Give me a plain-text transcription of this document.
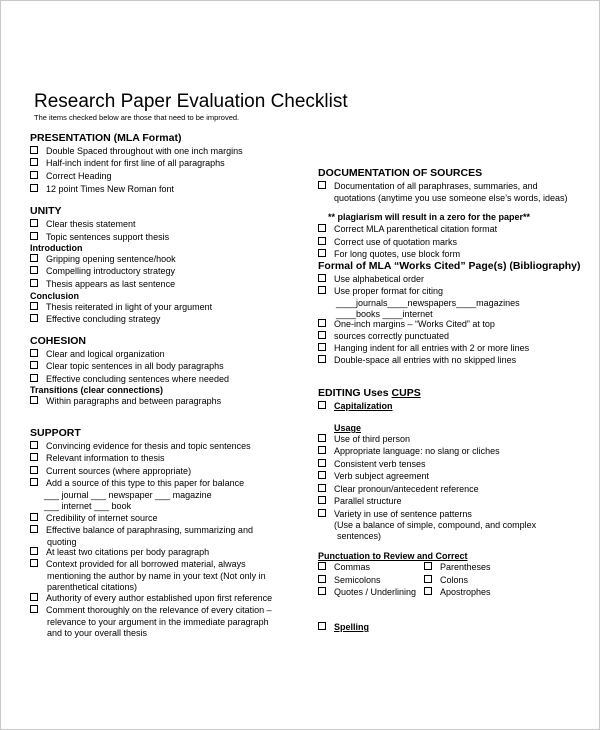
Research Paper Evaluation Checklist
The items checked below are those that need to be improved.
PRESENTATION (MLA Format)
Double Spaced throughout with one inch margins
Half-inch indent for first line of all paragraphs
Correct Heading
12 point Times New Roman font
UNITY
Clear thesis statement
Topic sentences support thesis
Introduction
Gripping opening sentence/hook
Compelling introductory strategy
Thesis appears as last sentence
Conclusion
Thesis reiterated in light of your argument
Effective concluding strategy
COHESION
Clear and logical organization
Clear topic sentences in all body paragraphs
Effective concluding sentences where needed
Transitions (clear connections)
Within paragraphs and between paragraphs
SUPPORT
Convincing evidence for thesis and topic sentences
Relevant information to thesis
Current sources (where appropriate)
Add a source of this type to this paper for balance
___ journal ___ newspaper ___ magazine
___ internet ___ book
Credibility of internet source
Effective balance of paraphrasing, summarizing and
quoting
At least two citations per body paragraph
Context provided for all borrowed material, always
mentioning the author by name in your text (Not only in
parenthetical citations)
Authority of every author established upon first reference
Comment thoroughly on the relevance of every citation –
relevance to your argument in the immediate paragraph
and to your overall thesis
DOCUMENTATION OF SOURCES
Documentation of all paraphrases, summaries, and
quotations (anytime you use someone else’s words, ideas)
** plagiarism will result in a zero for the paper**
Correct MLA parenthetical citation format
Correct use of quotation marks
For long quotes, use block form
Formal of MLA “Works Cited” Page(s) (Bibliography)
Use alphabetical order
Use proper format for citing
____journals____newspapers____magazines
____books ____internet
One-inch margins – “Works Cited” at top
sources correctly punctuated
Hanging indent for all entries with 2 or more lines
Double-space all entries with no skipped lines
EDITING Uses CUPS
Capitalization
Usage
Use of third person
Appropriate language: no slang or cliches
Consistent verb tenses
Verb subject agreement
Clear pronoun/antecedent reference
Parallel structure
Variety in use of sentence patterns
(Use a balance of simple, compound, and complex
sentences)
Punctuation to Review and Correct
Commas
Semicolons
Quotes / Underlining
Parentheses
Colons
Apostrophes
Spelling
